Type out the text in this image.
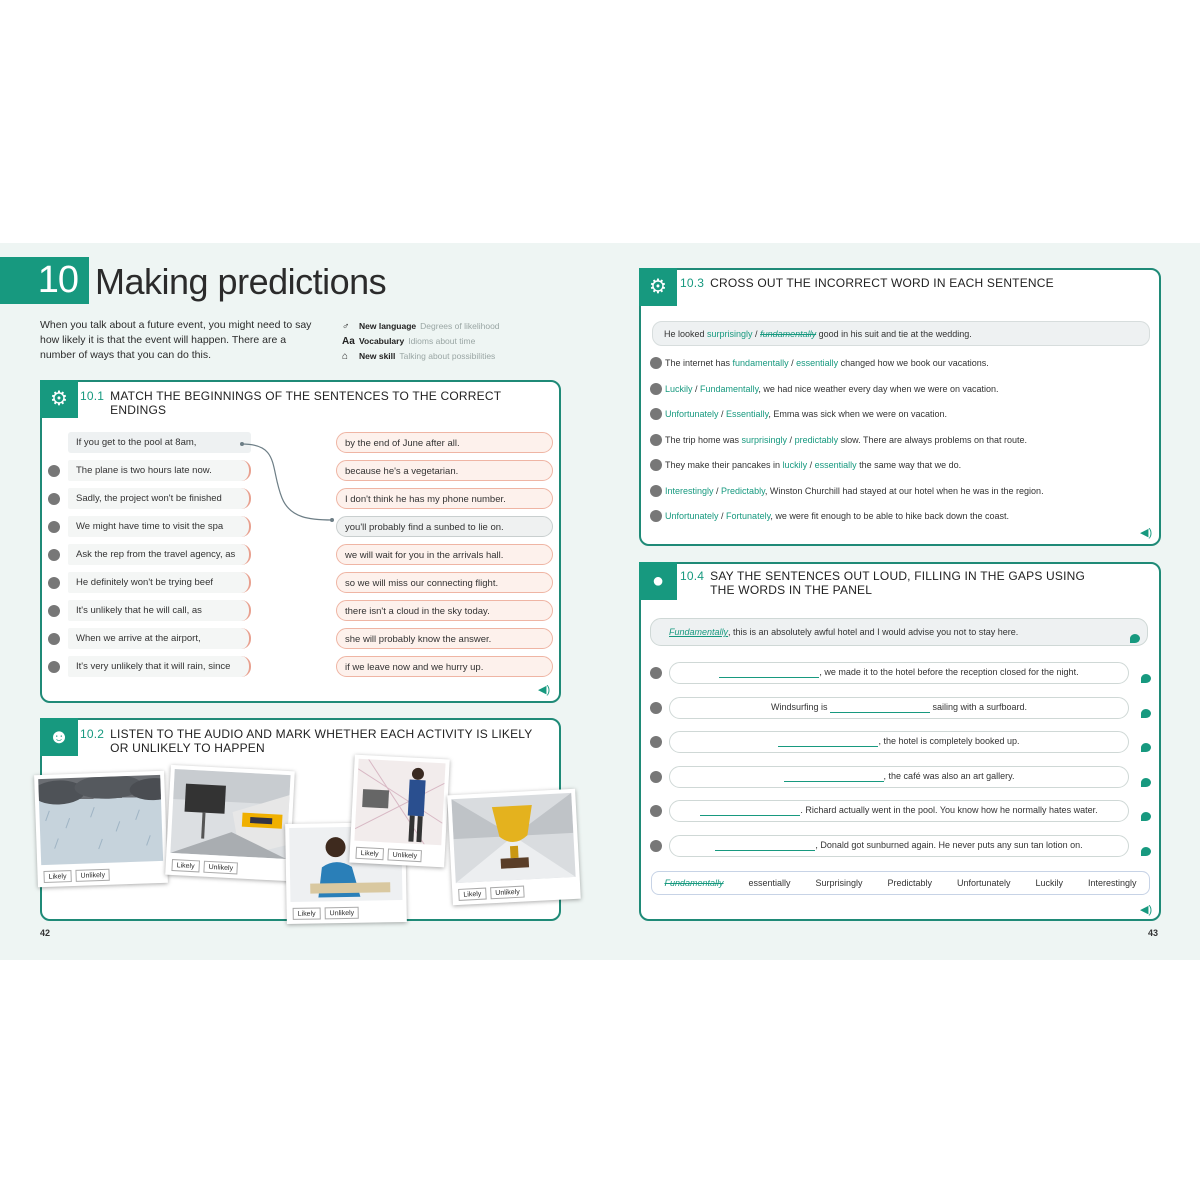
10 Making predictions

When you talk about a future event, you might need to say how likely it is that the event will happen. There are a number of ways that you can do this.

♂	New language Degrees of likelihood
Aa Vocabulary Idioms about time
⌂	New skill Talking about possibilities
⚙	10.1 MATCH THE BEGINNINGS OF THE SENTENCES TO THE CORRECT ENDINGS
If you get to the pool at 8am,
The plane is two hours late now.
Sadly, the project won't be finished
We might have time to visit the spa
Ask the rep from the travel agency, as
He definitely won't be trying beef
It's unlikely that he will call, as
When we arrive at the airport,
It's very unlikely that it will rain, since
by the end of June after all.
because he's a vegetarian.
I don't think he has my phone number.
you'll probably find a sunbed to lie on.
we will wait for you in the arrivals hall.
so we will miss our connecting flight.
there isn't a cloud in the sky today.
she will probably know the answer.
if we leave now and we hurry up.
◀)
☻ 10.2 LISTEN TO THE AUDIO AND MARK WHETHER EACH ACTIVITY IS LIKELY OR UNLIKELY TO HAPPEN
Likely	Unlikely
Likely	Unlikely
Likely	Unlikely
Likely	Unlikely
Likely	Unlikely
⚙	10.3 CROSS OUT THE INCORRECT WORD IN EACH SENTENCE
He looked surprisingly / fundamentally good in his suit and tie at the wedding.
The internet has fundamentally / essentially changed how we book our vacations.
Luckily / Fundamentally, we had nice weather every day when we were on vacation.
Unfortunately / Essentially, Emma was sick when we were on vacation.
The trip home was surprisingly / predictably slow. There are always problems on that route.
They make their pancakes in luckily / essentially the same way that we do.
Interestingly / Predictably, Winston Churchill had stayed at our hotel when he was in the region.
Unfortunately / Fortunately, we were fit enough to be able to hike back down the coast.
◀)
●	10.4 SAY THE SENTENCES OUT LOUD, FILLING IN THE GAPS USING THE WORDS IN THE PANEL
Fundamentally, this is an absolutely awful hotel and I would advise you not to stay here.
, we made it to the hotel before the reception closed for the night.
Windsurfing is	sailing with a surfboard.
, the hotel is completely booked up.
, the café was also an art gallery.
. Richard actually went in the pool. You know how he normally hates water.
, Donald got sunburned again. He never puts any sun tan lotion on.
Fundamentally	essentially	Surprisingly	Predictably	Unfortunately	Luckily	Interestingly
◀)
42	43
